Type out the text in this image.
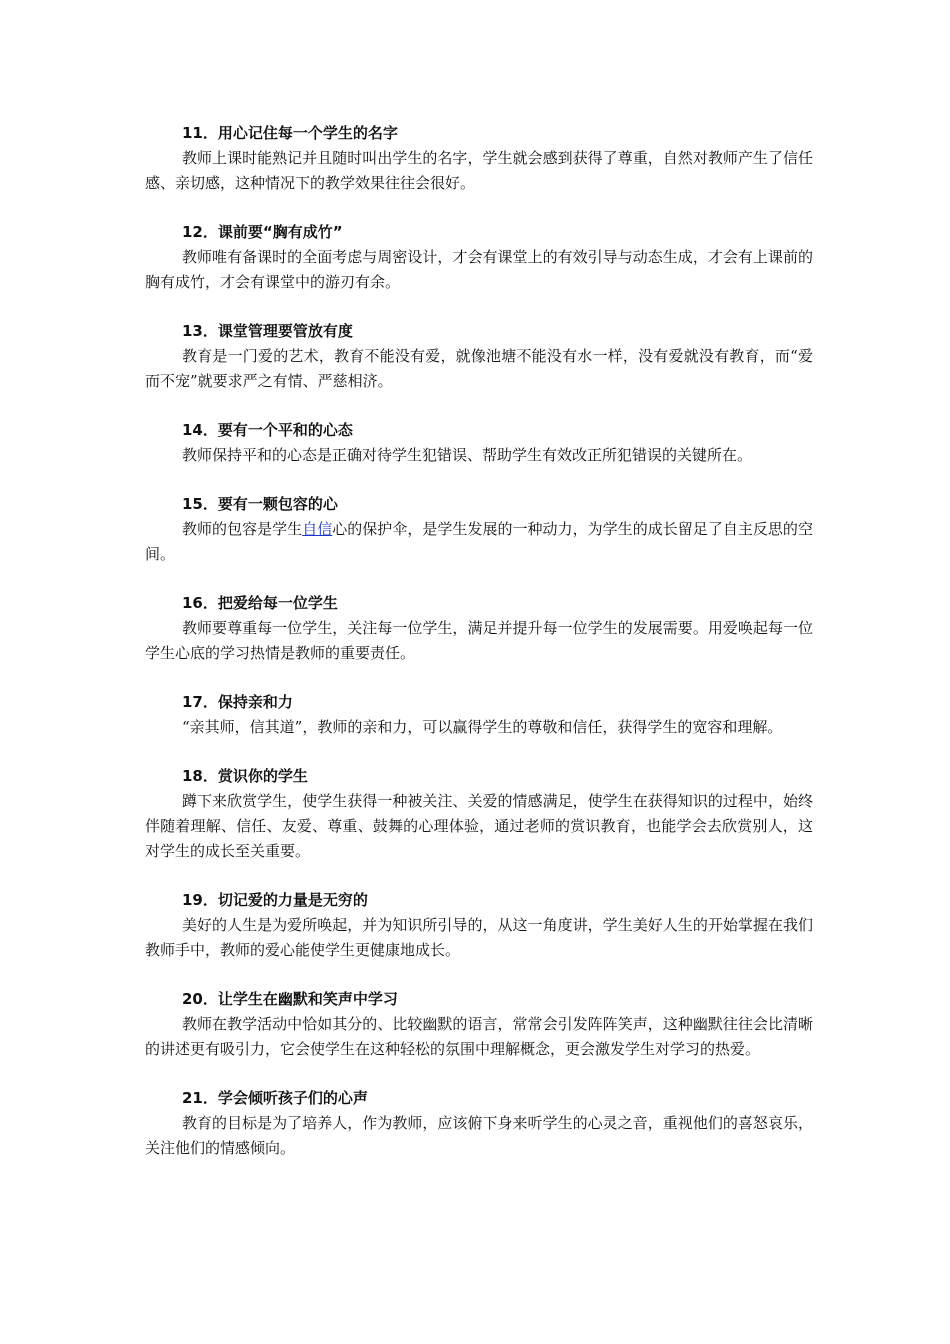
11．用心记住每一个学生的名字
教师上课时能熟记并且随时叫出学生的名字，学生就会感到获得了尊重，自然对教师产生了信任感、亲切感，这种情况下的教学效果往往会很好。
12．课前要“胸有成竹”
教师唯有备课时的全面考虑与周密设计，才会有课堂上的有效引导与动态生成，才会有上课前的胸有成竹，才会有课堂中的游刃有余。
13．课堂管理要管放有度
教育是一门爱的艺术，教育不能没有爱，就像池塘不能没有水一样，没有爱就没有教育，而“爱而不宠”就要求严之有情、严慈相济。
14．要有一个平和的心态
教师保持平和的心态是正确对待学生犯错误、帮助学生有效改正所犯错误的关键所在。
15．要有一颗包容的心
教师的包容是学生自信心的保护伞，是学生发展的一种动力，为学生的成长留足了自主反思的空间。
16．把爱给每一位学生
教师要尊重每一位学生，关注每一位学生，满足并提升每一位学生的发展需要。用爱唤起每一位学生心底的学习热情是教师的重要责任。
17．保持亲和力
“亲其师，信其道”，教师的亲和力，可以赢得学生的尊敬和信任，获得学生的宽容和理解。
18．赏识你的学生
蹲下来欣赏学生，使学生获得一种被关注、关爱的情感满足，使学生在获得知识的过程中，始终伴随着理解、信任、友爱、尊重、鼓舞的心理体验，通过老师的赏识教育，也能学会去欣赏别人，这对学生的成长至关重要。
19．切记爱的力量是无穷的
美好的人生是为爱所唤起，并为知识所引导的，从这一角度讲，学生美好人生的开始掌握在我们教师手中，教师的爱心能使学生更健康地成长。
20．让学生在幽默和笑声中学习
教师在教学活动中恰如其分的、比较幽默的语言，常常会引发阵阵笑声，这种幽默往往会比清晰的讲述更有吸引力，它会使学生在这种轻松的氛围中理解概念，更会激发学生对学习的热爱。
21．学会倾听孩子们的心声
教育的目标是为了培养人，作为教师，应该俯下身来听学生的心灵之音，重视他们的喜怒哀乐，关注他们的情感倾向。
